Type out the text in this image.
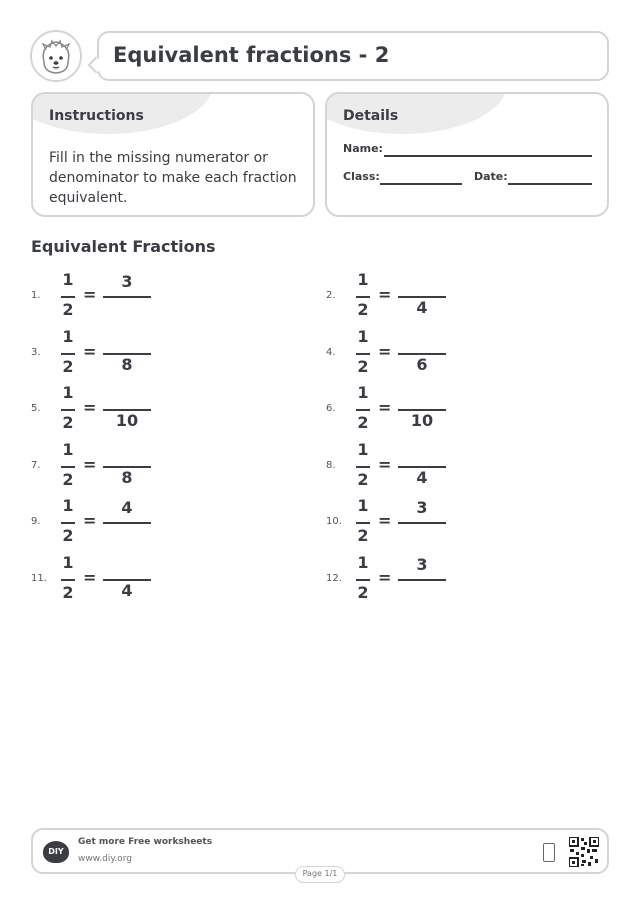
Equivalent fractions - 2
Instructions
Fill in the missing numerator or denominator to make each fraction equivalent.
Details
Name:
Class:	Date:
Equivalent Fractions
1.
1
2
=
3
2.
1
2
=
4
3.
1
2
=
8
4.
1
2
=
6
5.
1
2
=
10
6.
1
2
=
10
7.
1
2
=
8
8.
1
2
=
4
9.
1
2
=
4
10.
1
2
=
3
11.
1
2
=
4
12.
1
2
=
3
DIY
Get more Free worksheets
www.diy.org
Page 1/1
